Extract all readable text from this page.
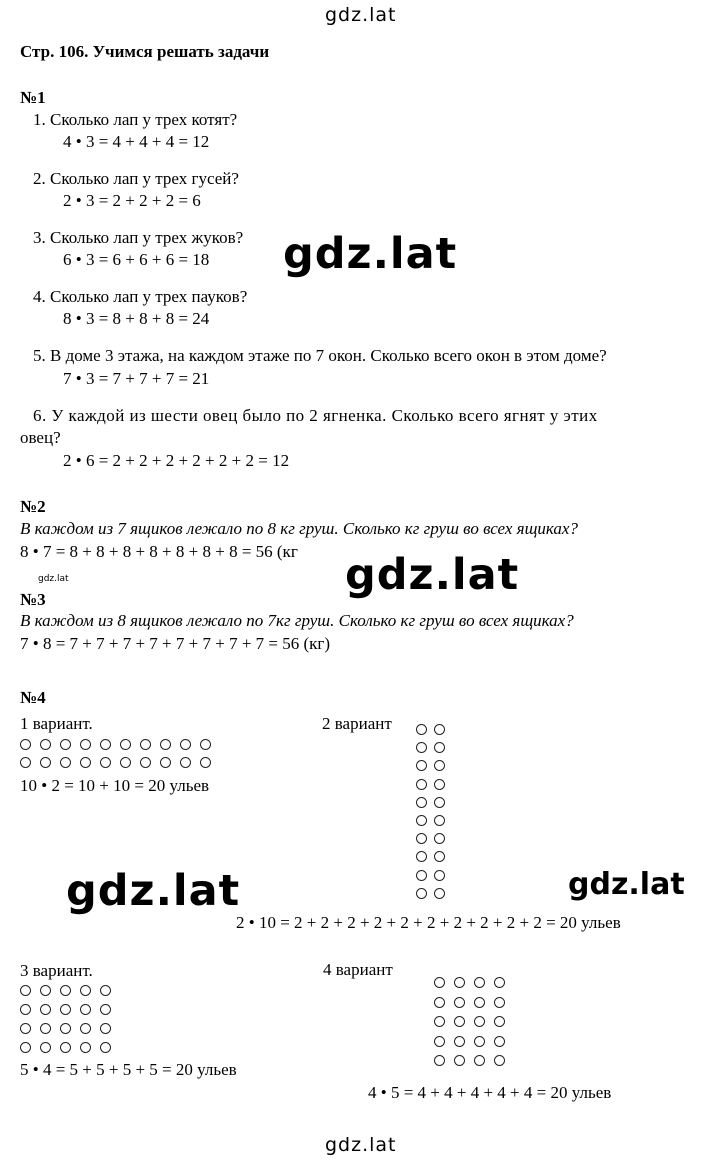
gdz.lat
gdz.lat
gdz.lat
gdz.lat
gdz.lat	gdz.lat
gdz.lat
Стр. 106. Учимся решать задачи
№1
1. Сколько лап у трех котят?
4 • 3 = 4 + 4 + 4 = 12
2. Сколько лап у трех гусей?
2 • 3 = 2 + 2 + 2 = 6
3. Сколько лап у трех жуков?
6 • 3 = 6 + 6 + 6 = 18
4. Сколько лап у трех пауков?
8 • 3 = 8 + 8 + 8 = 24
5. В доме 3 этажа, на каждом этаже по 7 окон. Сколько всего окон в этом доме?
7 • 3 = 7 + 7 + 7 = 21
6. У каждой из шести овец было по 2 ягненка. Сколько всего ягнят у этих
овец?
2 • 6 = 2 + 2 + 2 + 2 + 2 + 2 = 12
№2
В каждом из 7 ящиков лежало по 8 кг груш. Сколько кг груш во всех ящиках?
8 • 7 = 8 + 8 + 8 + 8 + 8 + 8 + 8 = 56 (кг
№3
В каждом из 8 ящиков лежало по 7кг груш. Сколько кг груш во всех ящиках?
7 • 8 = 7 + 7 + 7 + 7 + 7 + 7 + 7 + 7 = 56 (кг)
№4
1 вариант.
10 • 2 = 10 + 10 = 20 ульев
2 вариант
2 • 10 = 2 + 2 + 2 + 2 + 2 + 2 + 2 + 2 + 2 + 2 = 20 ульев
3 вариант.
5 • 4 = 5 + 5 + 5 + 5 = 20 ульев
4 вариант
4 • 5 = 4 + 4 + 4 + 4 + 4 = 20 ульев
